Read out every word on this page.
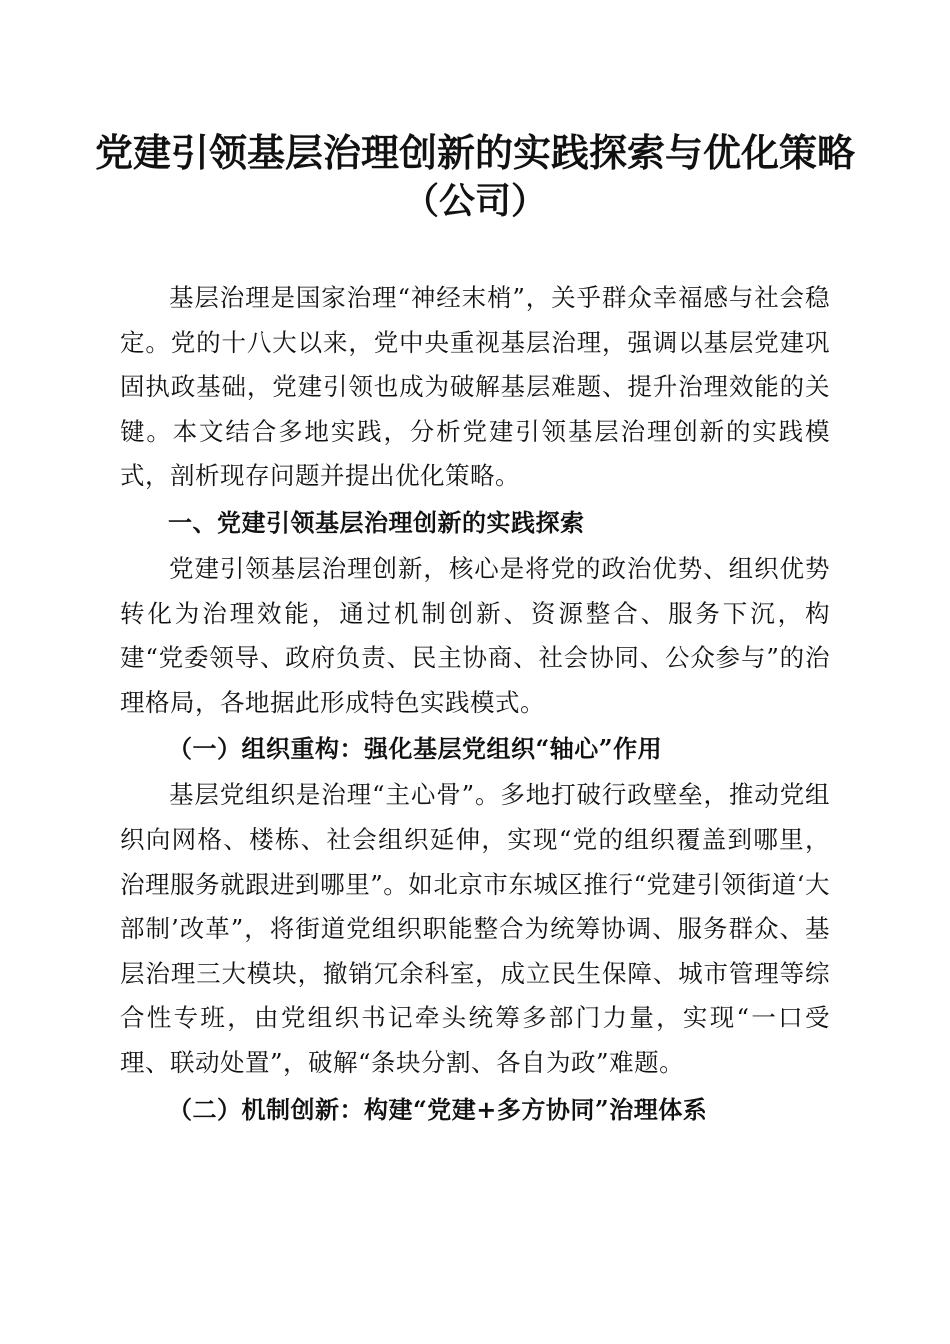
党建引领基层治理创新的实践探索与优化策略

（公司）

基层治理是国家治理“神经末梢”，关乎群众幸福感与社会稳定。党的十八大以来，党中央重视基层治理，强调以基层党建巩固执政基础，党建引领也成为破解基层难题、提升治理效能的关键。本文结合多地实践，分析党建引领基层治理创新的实践模式，剖析现存问题并提出优化策略。

一、党建引领基层治理创新的实践探索

党建引领基层治理创新，核心是将党的政治优势、组织优势转化为治理效能，通过机制创新、资源整合、服务下沉，构建“党委领导、政府负责、民主协商、社会协同、公众参与”的治理格局，各地据此形成特色实践模式。

（一）组织重构：强化基层党组织“轴心”作用

基层党组织是治理“主心骨”。多地打破行政壁垒，推动党组织向网格、楼栋、社会组织延伸，实现“党的组织覆盖到哪里，治理服务就跟进到哪里”。如北京市东城区推行“党建引领街道‘大部制’改革”，将街道党组织职能整合为统筹协调、服务群众、基层治理三大模块，撤销冗余科室，成立民生保障、城市管理等综合性专班，由党组织书记牵头统筹多部门力量，实现“一口受理、联动处置”，破解“条块分割、各自为政”难题。

（二）机制创新：构建“党建+多方协同”治理体系
